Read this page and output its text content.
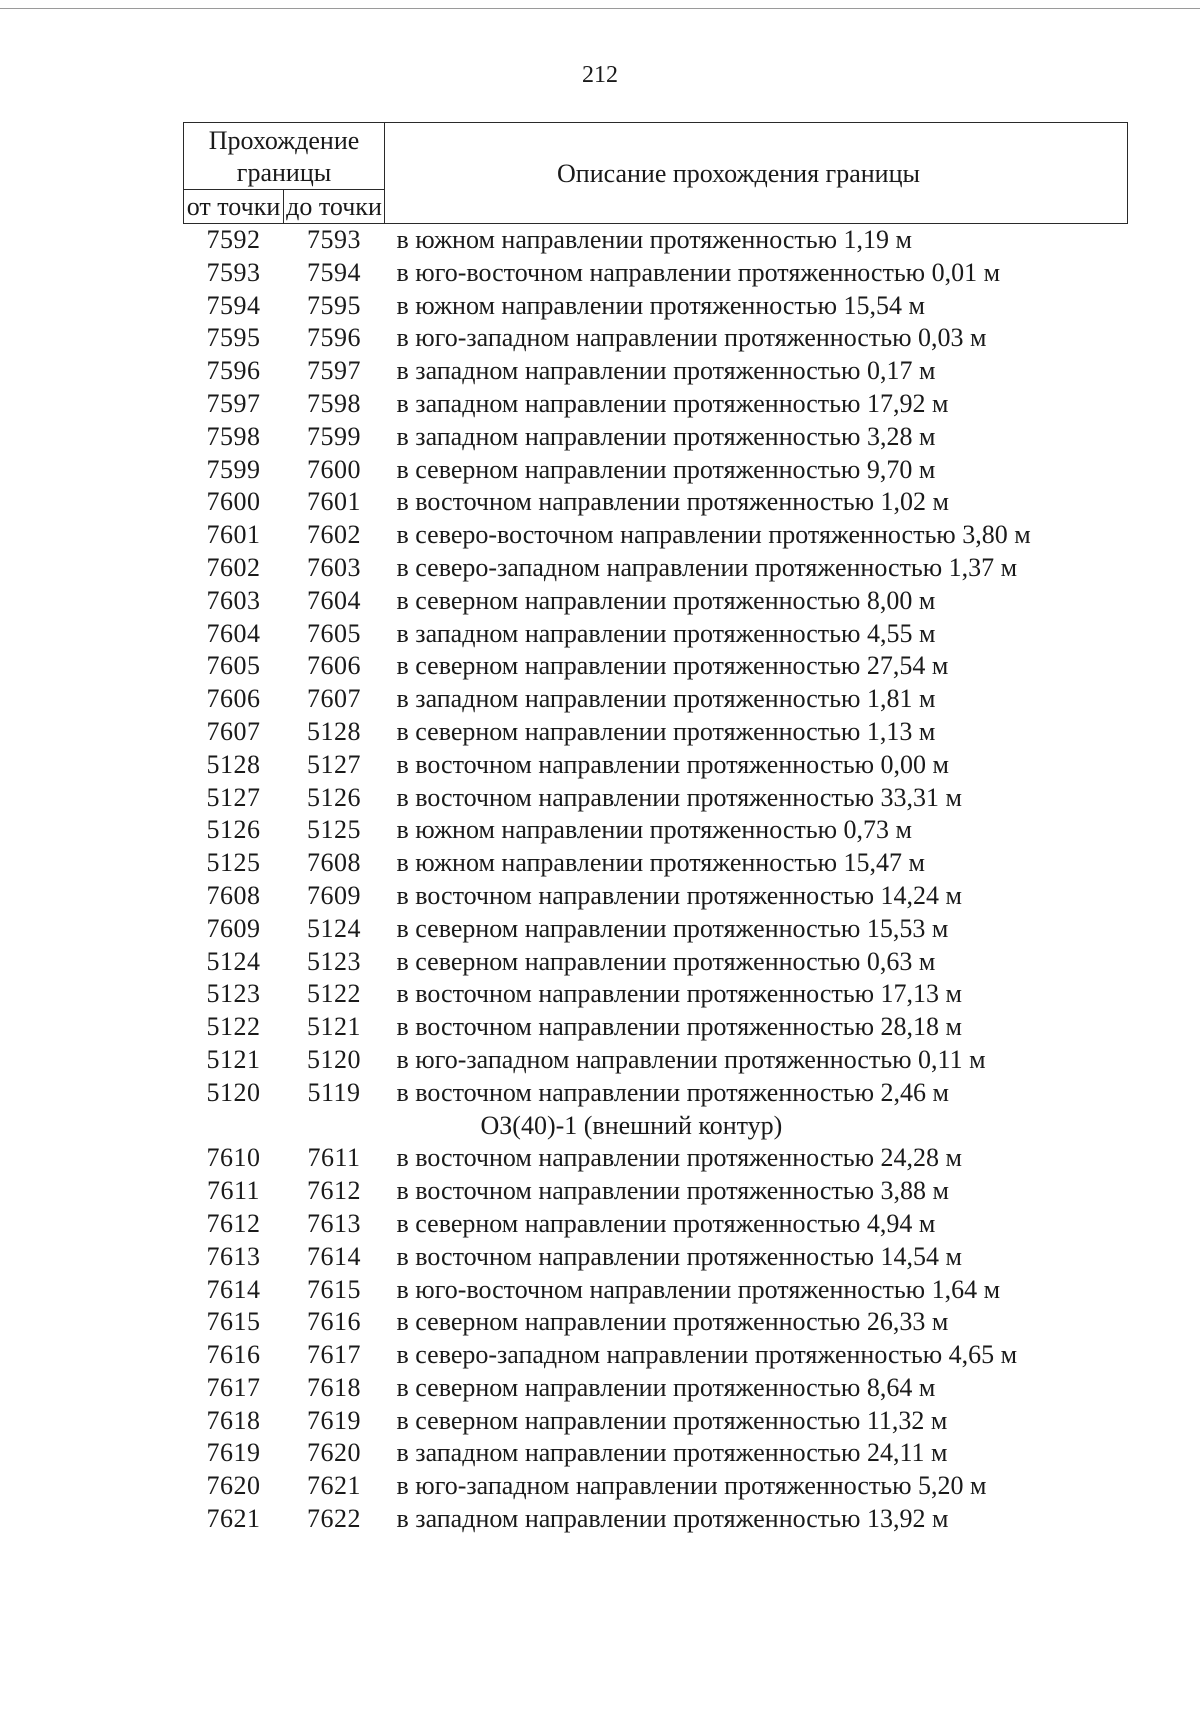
212
Прохождение границы		Описание прохождения границы
от точки	до точки	
7592	7593	в южном направлении протяженностью 1,19 м
7593	7594	в юго-восточном направлении протяженностью 0,01 м
7594	7595	в южном направлении протяженностью 15,54 м
7595	7596	в юго-западном направлении протяженностью 0,03 м
7596	7597	в западном направлении протяженностью 0,17 м
7597	7598	в западном направлении протяженностью 17,92 м
7598	7599	в западном направлении протяженностью 3,28 м
7599	7600	в северном направлении протяженностью 9,70 м
7600	7601	в восточном направлении протяженностью 1,02 м
7601	7602	в северо-восточном направлении протяженностью 3,80 м
7602	7603	в северо-западном направлении протяженностью 1,37 м
7603	7604	в северном направлении протяженностью 8,00 м
7604	7605	в западном направлении протяженностью 4,55 м
7605	7606	в северном направлении протяженностью 27,54 м
7606	7607	в западном направлении протяженностью 1,81 м
7607	5128	в северном направлении протяженностью 1,13 м
5128	5127	в восточном направлении протяженностью 0,00 м
5127	5126	в восточном направлении протяженностью 33,31 м
5126	5125	в южном направлении протяженностью 0,73 м
5125	7608	в южном направлении протяженностью 15,47 м
7608	7609	в восточном направлении протяженностью 14,24 м
7609	5124	в северном направлении протяженностью 15,53 м
5124	5123	в северном направлении протяженностью 0,63 м
5123	5122	в восточном направлении протяженностью 17,13 м
5122	5121	в восточном направлении протяженностью 28,18 м
5121	5120	в юго-западном направлении протяженностью 0,11 м
5120	5119	в восточном направлении протяженностью 2,46 м
ОЗ(40)-1 (внешний контур)		
7610	7611	в восточном направлении протяженностью 24,28 м
7611	7612	в восточном направлении протяженностью 3,88 м
7612	7613	в северном направлении протяженностью 4,94 м
7613	7614	в восточном направлении протяженностью 14,54 м
7614	7615	в юго-восточном направлении протяженностью 1,64 м
7615	7616	в северном направлении протяженностью 26,33 м
7616	7617	в северо-западном направлении протяженностью 4,65 м
7617	7618	в северном направлении протяженностью 8,64 м
7618	7619	в северном направлении протяженностью 11,32 м
7619	7620	в западном направлении протяженностью 24,11 м
7620	7621	в юго-западном направлении протяженностью 5,20 м
7621	7622	в западном направлении протяженностью 13,92 м
